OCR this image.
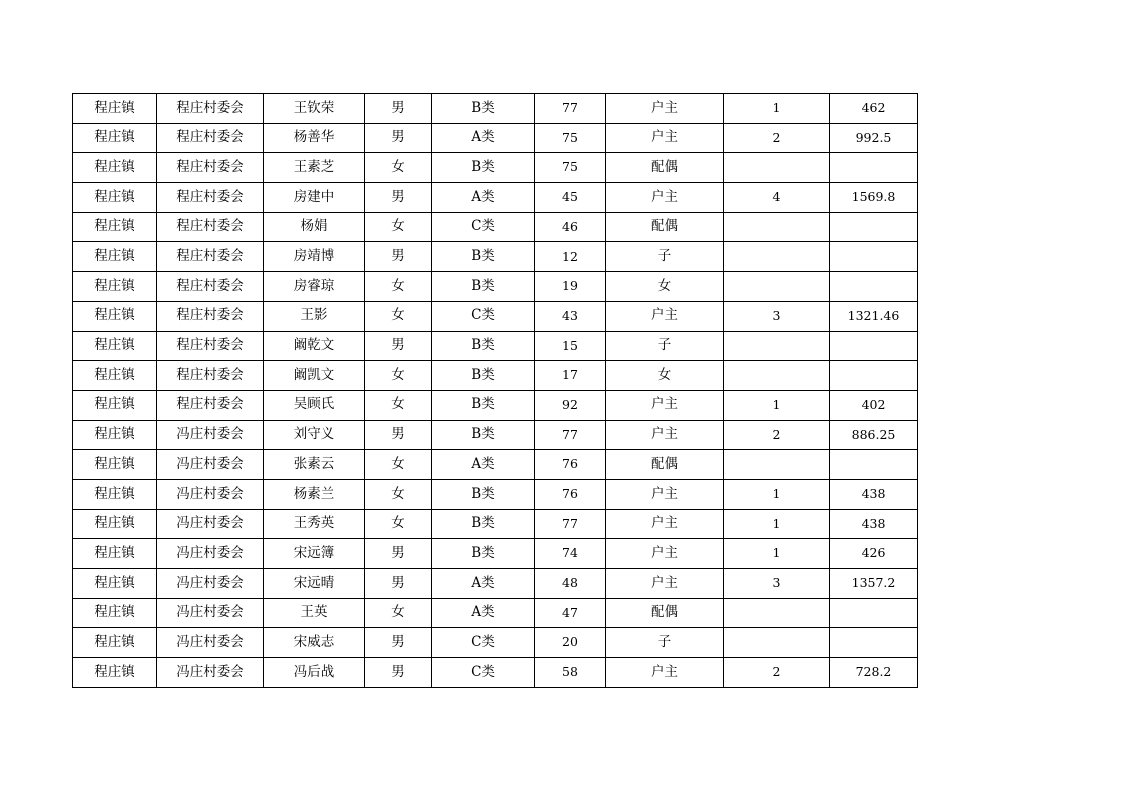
程庄镇	程庄村委会	王钦荣	男	B类	77	户主	1	462
程庄镇	程庄村委会	杨善华	男	A类	75	户主	2	992.5
程庄镇	程庄村委会	王素芝	女	B类	75	配偶		
程庄镇	程庄村委会	房建中	男	A类	45	户主	4	1569.8
程庄镇	程庄村委会	杨娟	女	C类	46	配偶		
程庄镇	程庄村委会	房靖博	男	B类	12	子		
程庄镇	程庄村委会	房睿琼	女	B类	19	女		
程庄镇	程庄村委会	王影	女	C类	43	户主	3	1321.46
程庄镇	程庄村委会	阚乾文	男	B类	15	子		
程庄镇	程庄村委会	阚凯文	女	B类	17	女		
程庄镇	程庄村委会	吴顾氏	女	B类	92	户主	1	402
程庄镇	冯庄村委会	刘守义	男	B类	77	户主	2	886.25
程庄镇	冯庄村委会	张素云	女	A类	76	配偶		
程庄镇	冯庄村委会	杨素兰	女	B类	76	户主	1	438
程庄镇	冯庄村委会	王秀英	女	B类	77	户主	1	438
程庄镇	冯庄村委会	宋远簿	男	B类	74	户主	1	426
程庄镇	冯庄村委会	宋远晴	男	A类	48	户主	3	1357.2
程庄镇	冯庄村委会	王英	女	A类	47	配偶		
程庄镇	冯庄村委会	宋威志	男	C类	20	子		
程庄镇	冯庄村委会	冯后战	男	C类	58	户主	2	728.2
